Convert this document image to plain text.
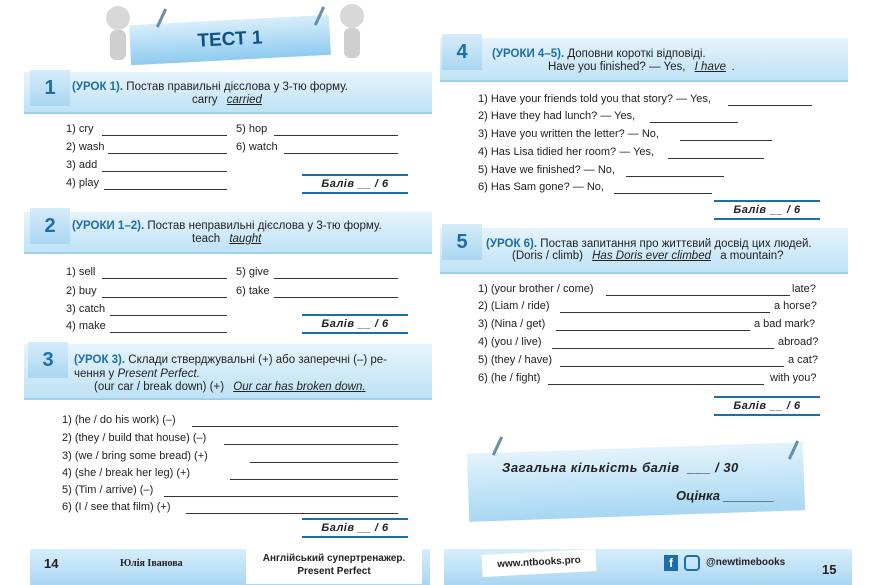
ТЕСТ 1
1	(УРОК 1). Постав правильні дієслова у 3-тю форму.
carry carried
1) cry
2) wash
3) add
4) play
5) hop
6) watch
Балів __ / 6
2	(УРОКИ 1–2). Постав неправильні дієслова у 3-тю форму.
teach taught
1) sell
2) buy
3) catch
4) make
5) give
6) take
Балів __ / 6
3	(УРОК 3). Склади стверджувальні (+) або заперечні (–) ре-
чення у Present Perfect.
(our car / break down) (+) Our car has broken down.
1) (he / do his work) (–)
2) (they / build that house) (–)
3) (we / bring some bread) (+)
4) (she / break her leg) (+)
5) (Tim / arrive) (–)
6) (I / see that film) (+)
Балів __ / 6
4	(УРОКИ 4–5). Доповни короткі відповіді.
Have you finished? — Yes, I have .
1) Have your friends told you that story? — Yes,
2) Have they had lunch? — Yes,
3) Have you written the letter? — No,
4) Has Lisa tidied her room? — Yes,
5) Have we finished? — No,
6) Has Sam gone? — No,
Балів __ / 6
5	(УРОК 6). Постав запитання про життєвий досвід цих людей.
(Doris / climb) Has Doris ever climbed a mountain?
1) (your brother / come)	late?
2) (Liam / ride)	a horse?
3) (Nina / get)	a bad mark?
4) (you / live)	abroad?
5) (they / have)	a cat?
6) (he / fight)	with you?
Балів __ / 6
Загальна кількість балів ___ / 30
Оцінка _______
14	Юлія Іванова	Англійський супертренажер.
Present Perfect
www.ntbooks.pro	f	@newtimebooks	15
